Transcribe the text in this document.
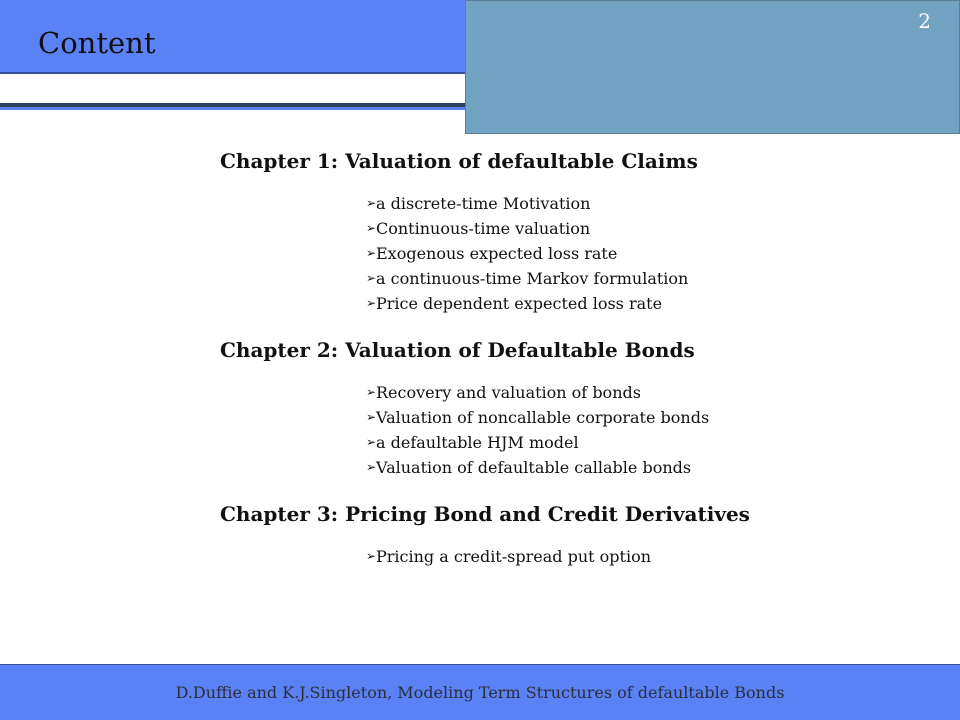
Content
2
Chapter 1: Valuation of defaultable Claims
➢ a discrete-time Motivation
➢ Continuous-time valuation
➢ Exogenous expected loss rate
➢ a continuous-time Markov formulation
➢ Price dependent expected loss rate
Chapter 2: Valuation of Defaultable Bonds
➢ Recovery and valuation of bonds
➢ Valuation of noncallable corporate bonds
➢ a defaultable HJM model
➢ Valuation of defaultable callable bonds
Chapter 3: Pricing Bond and Credit Derivatives
➢ Pricing a credit-spread put option
D.Duffie and K.J.Singleton, Modeling Term Structures of defaultable Bonds
